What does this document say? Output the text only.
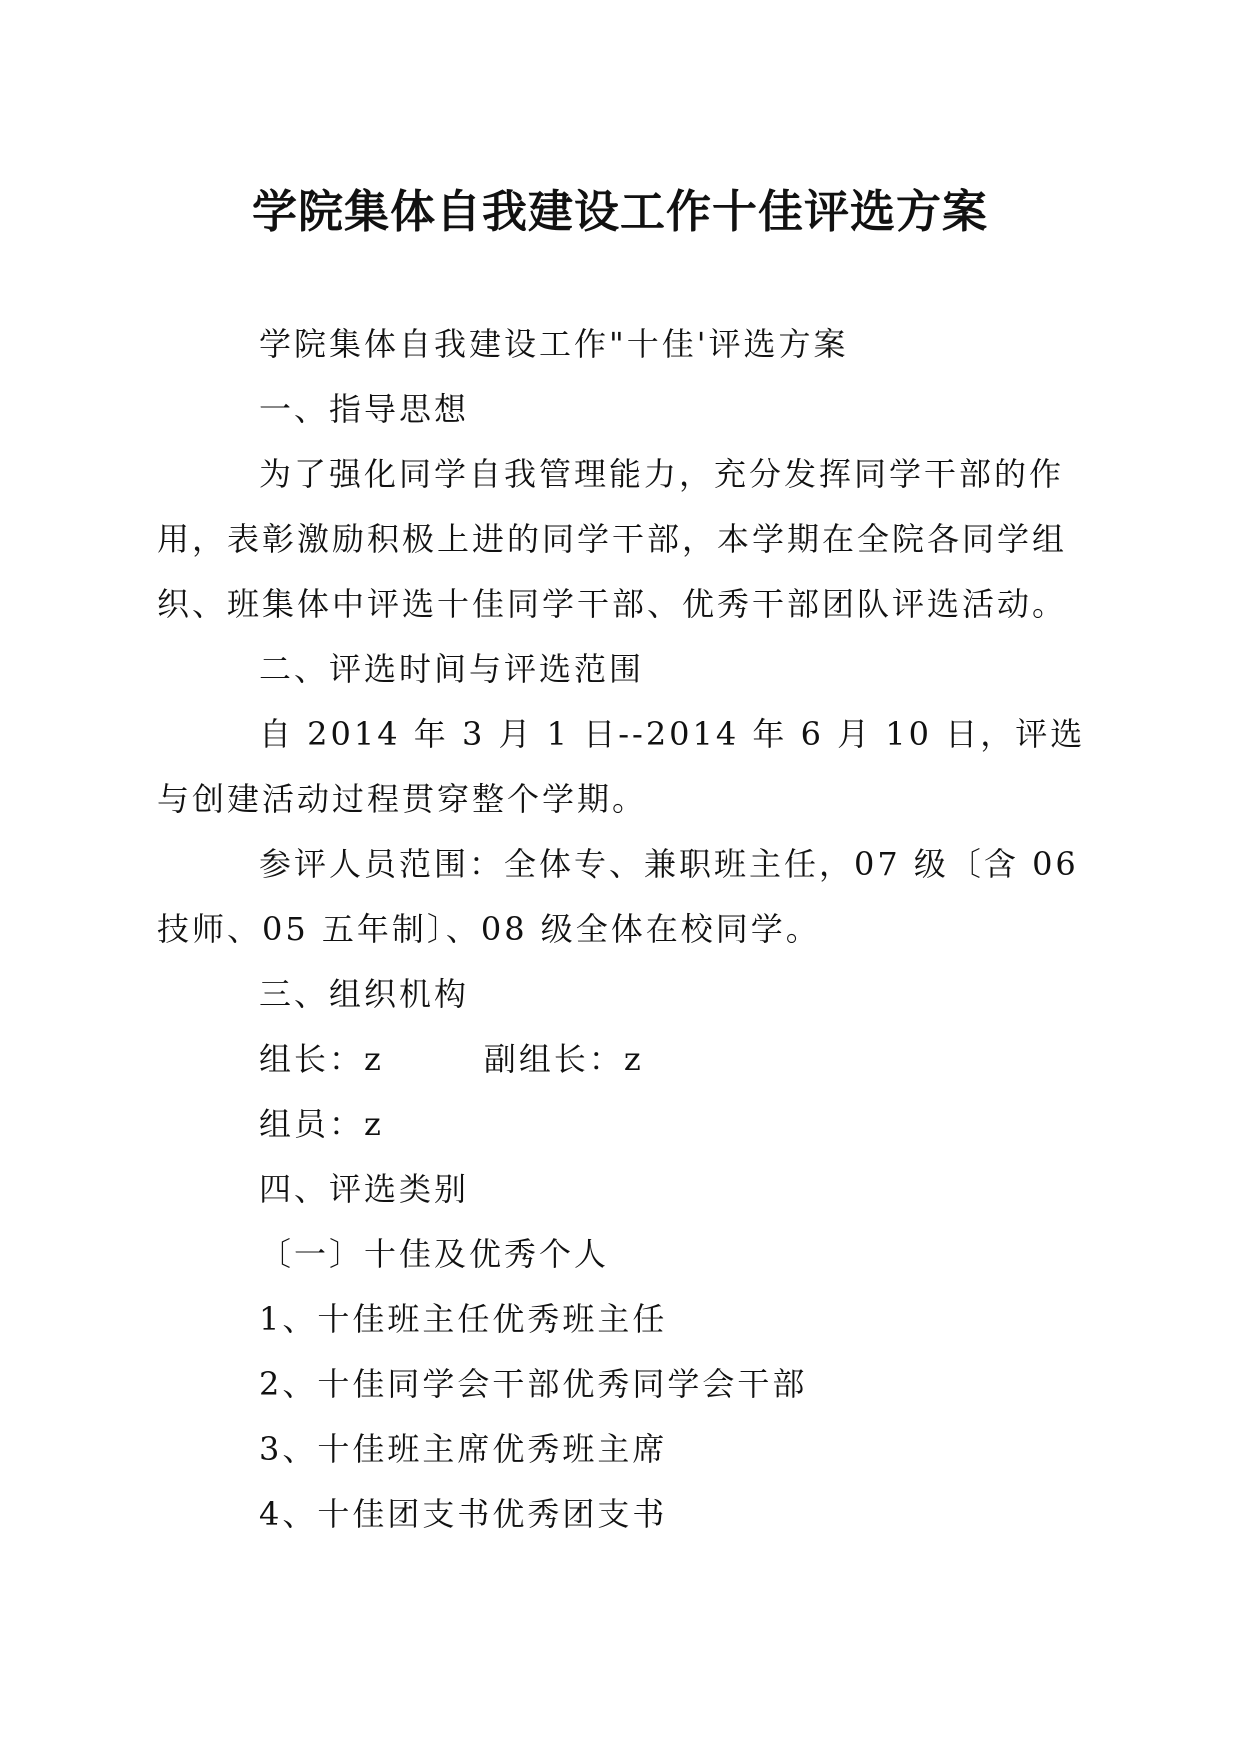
学院集体自我建设工作十佳评选方案

学院集体自我建设工作"十佳'评选方案

一、指导思想

为了强化同学自我管理能力，充分发挥同学干部的作用，表彰激励积极上进的同学干部，本学期在全院各同学组织、班集体中评选十佳同学干部、优秀干部团队评选活动。

二、评选时间与评选范围

自 2014 年 3 月 1 日--2014 年 6 月 10 日，评选与创建活动过程贯穿整个学期。

参评人员范围：全体专、兼职班主任，07 级〔含 06 技师、05 五年制〕、08 级全体在校同学。

三、组织机构

组长：z	副组长：z

组员：z

四、评选类别

〔一〕十佳及优秀个人

1、十佳班主任优秀班主任

2、十佳同学会干部优秀同学会干部

3、十佳班主席优秀班主席

4、十佳团支书优秀团支书
